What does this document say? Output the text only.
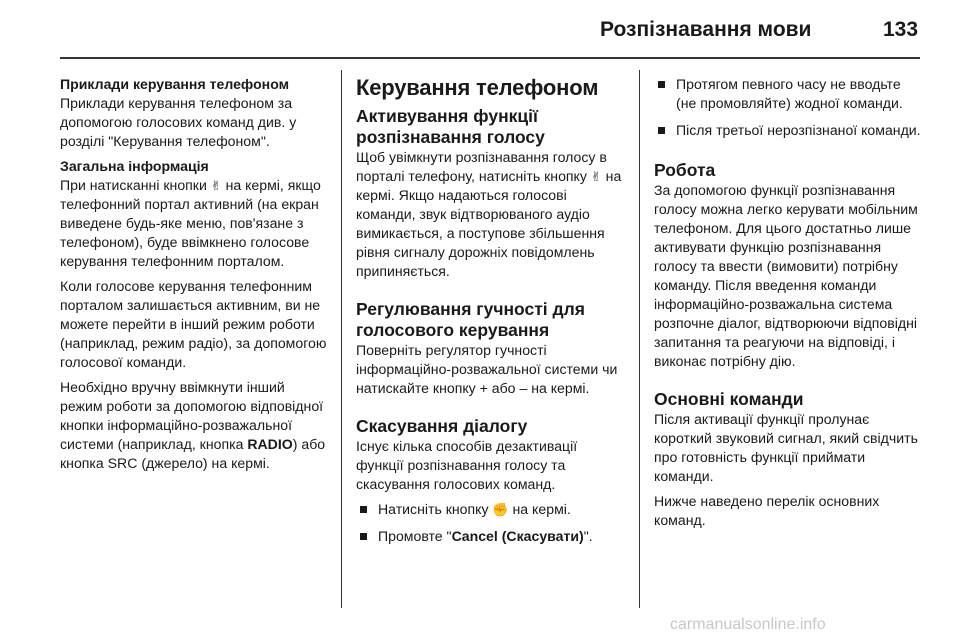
Розпізнавання мови	133

Приклади керування телефоном

Приклади керування телефоном за допомогою голосових команд див. у розділі "Керування телефоном".

Загальна інформація

При натисканні кнопки ✌ на кермі, якщо телефонний портал активний (на екран виведене будь-яке меню, пов'язане з телефоном), буде ввімкнено голосове керування телефонним порталом.

Коли голосове керування телефонним порталом залишається активним, ви не можете перейти в інший режим роботи (наприклад, режим радіо), за допомогою голосової команди.

Необхідно вручну ввімкнути інший режим роботи за допомогою відповідної кнопки інформаційно-розважальної системи (наприклад, кнопка RADIO) або кнопка SRC (джерело) на кермі.

Керування телефоном

Активування функції розпізнавання голосу

Щоб увімкнути розпізнавання голосу в порталі телефону, натисніть кнопку ✌ на кермі. Якщо надаються голосові команди, звук відтворюваного аудіо вимикається, а поступове збільшення рівня сигналу дорожніх повідомлень припиняється.

Регулювання гучності для голосового керування

Поверніть регулятор гучності інформаційно-розважальної системи чи натискайте кнопку + або – на кермі.

Скасування діалогу

Існує кілька способів дезактивації функції розпізнавання голосу та скасування голосових команд.

Натисніть кнопку ✊ на кермі.
Промовте "Cancel (Скасувати)".
Протягом певного часу не вводьте (не промовляйте) жодної команди.
Після третьої нерозпізнаної команди.

Робота

За допомогою функції розпізнавання голосу можна легко керувати мобільним телефоном. Для цього достатньо лише активувати функцію розпізнавання голосу та ввести (вимовити) потрібну команду. Після введення команди інформаційно-розважальна система розпочне діалог, відтворюючи відповідні запитання та реагуючи на відповіді, і виконає потрібну дію.

Основні команди

Після активації функції пролунає короткий звуковий сигнал, який свідчить про готовність функції приймати команди.

Нижче наведено перелік основних команд.

carmanualsonline.info
